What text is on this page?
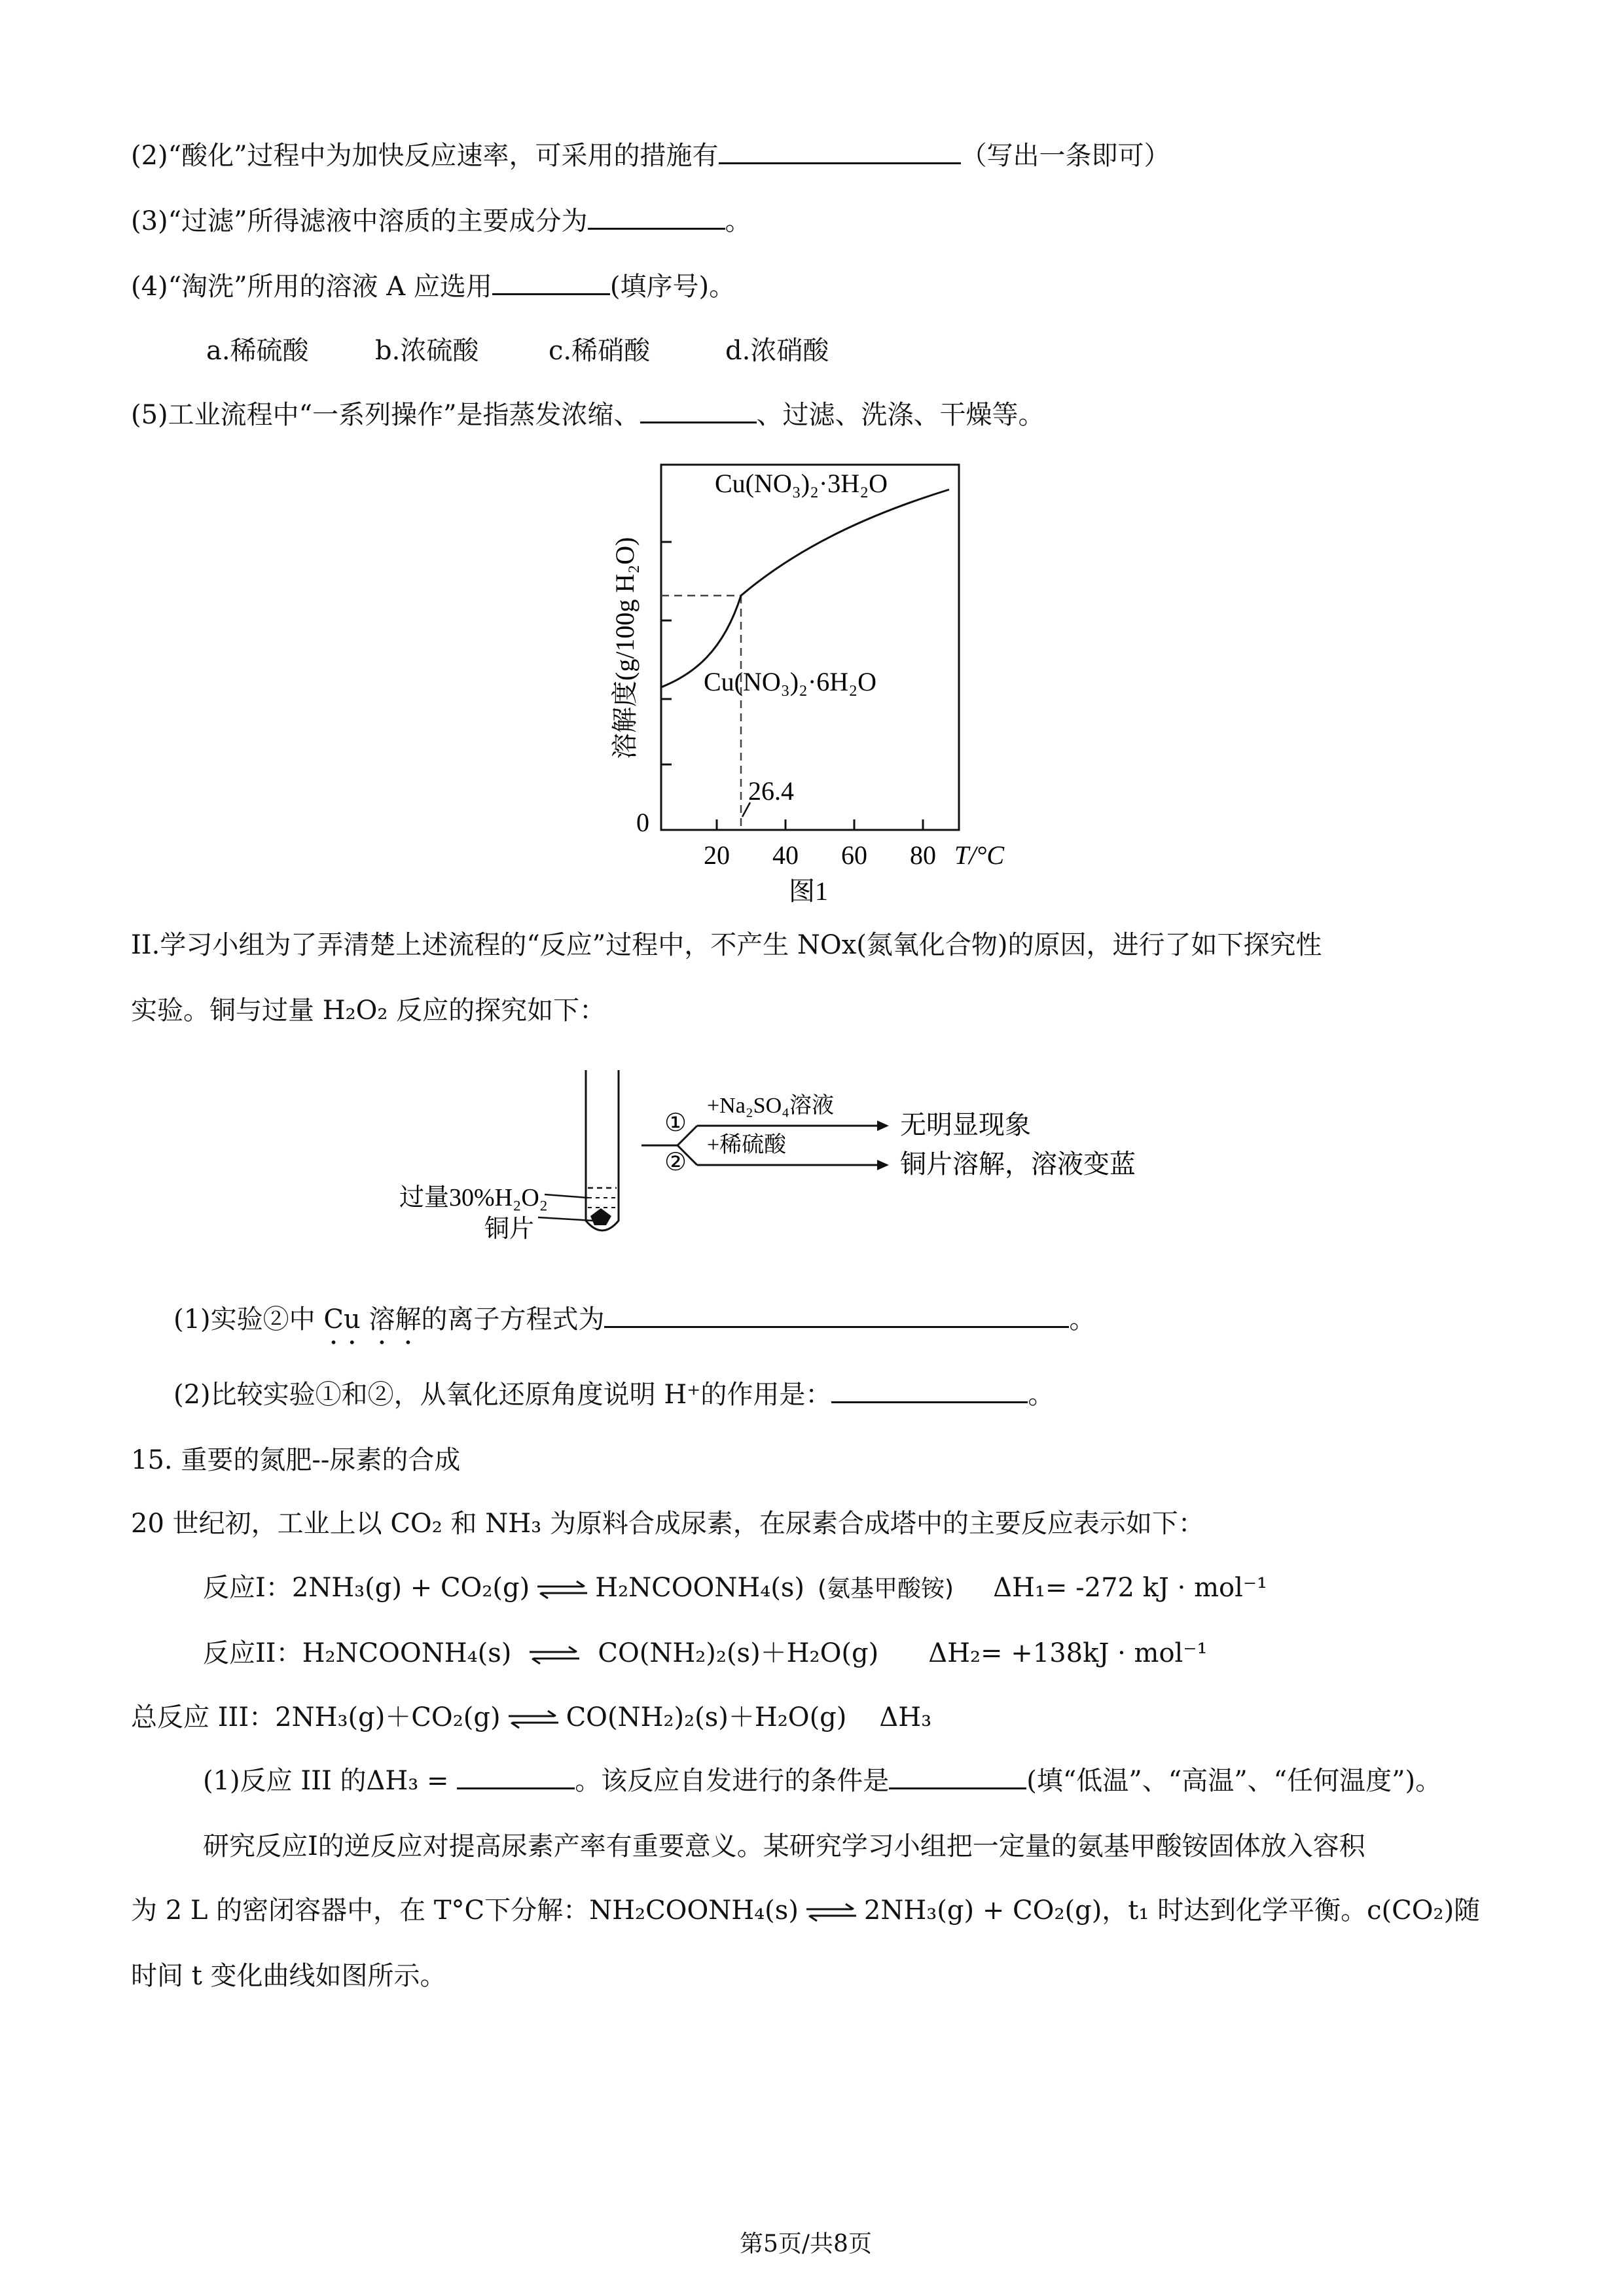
(2)“酸化”过程中为加快反应速率，可采用的措施有	（写出一条即可）
(3)“过滤”所得滤液中溶质的主要成分为	。
(4)“淘洗”所用的溶液 A 应选用	(填序号)。
a.稀硫酸	b.浓硫酸	c.稀硝酸	d.浓硝酸
(5)工业流程中“一系列操作”是指蒸发浓缩、	、过滤、洗涤、干燥等。
Cu(NO₃)₂·3H₂O
Cu(NO₃)₂·6H₂O
26.4
0
20 40 60 80 T/°C
溶解度(g/100g H₂O)
图1
II.学习小组为了弄清楚上述流程的“反应”过程中，不产生 NOx(氮氧化合物)的原因，进行了如下探究性
实验。铜与过量 H₂O₂ 反应的探究如下：
过量30%H₂O₂
铜片
①
②
+Na₂SO₄溶液
+稀硫酸
无明显现象
铜片溶解，溶液变蓝
(1)实验②中 Cu 溶解的离子方程式为	。
(2)比较实验①和②，从氧化还原角度说明 H⁺的作用是：	。
15. 重要的氮肥--尿素的合成
20 世纪初，工业上以 CO₂ 和 NH₃ 为原料合成尿素，在尿素合成塔中的主要反应表示如下：
反应I：2NH₃(g) + CO₂(g) ⇌ H₂NCOONH₄(s) (氨基甲酸铵) ΔH₁= -272 kJ · mol⁻¹
反应II：H₂NCOONH₄(s) ⇌ CO(NH₂)₂(s)＋H₂O(g) ΔH₂= +138kJ · mol⁻¹
总反应 III：2NH₃(g)＋CO₂(g) ⇌ CO(NH₂)₂(s)＋H₂O(g) ΔH₃
(1)反应 III 的ΔH₃ =	。该反应自发进行的条件是	(填“低温”、“高温”、“任何温度”)。
研究反应I的逆反应对提高尿素产率有重要意义。某研究学习小组把一定量的氨基甲酸铵固体放入容积
为 2 L 的密闭容器中，在 T°C下分解：NH₂COONH₄(s) ⇌ 2NH₃(g) + CO₂(g)，t₁ 时达到化学平衡。c(CO₂)随
时间 t 变化曲线如图所示。
第5页/共8页
